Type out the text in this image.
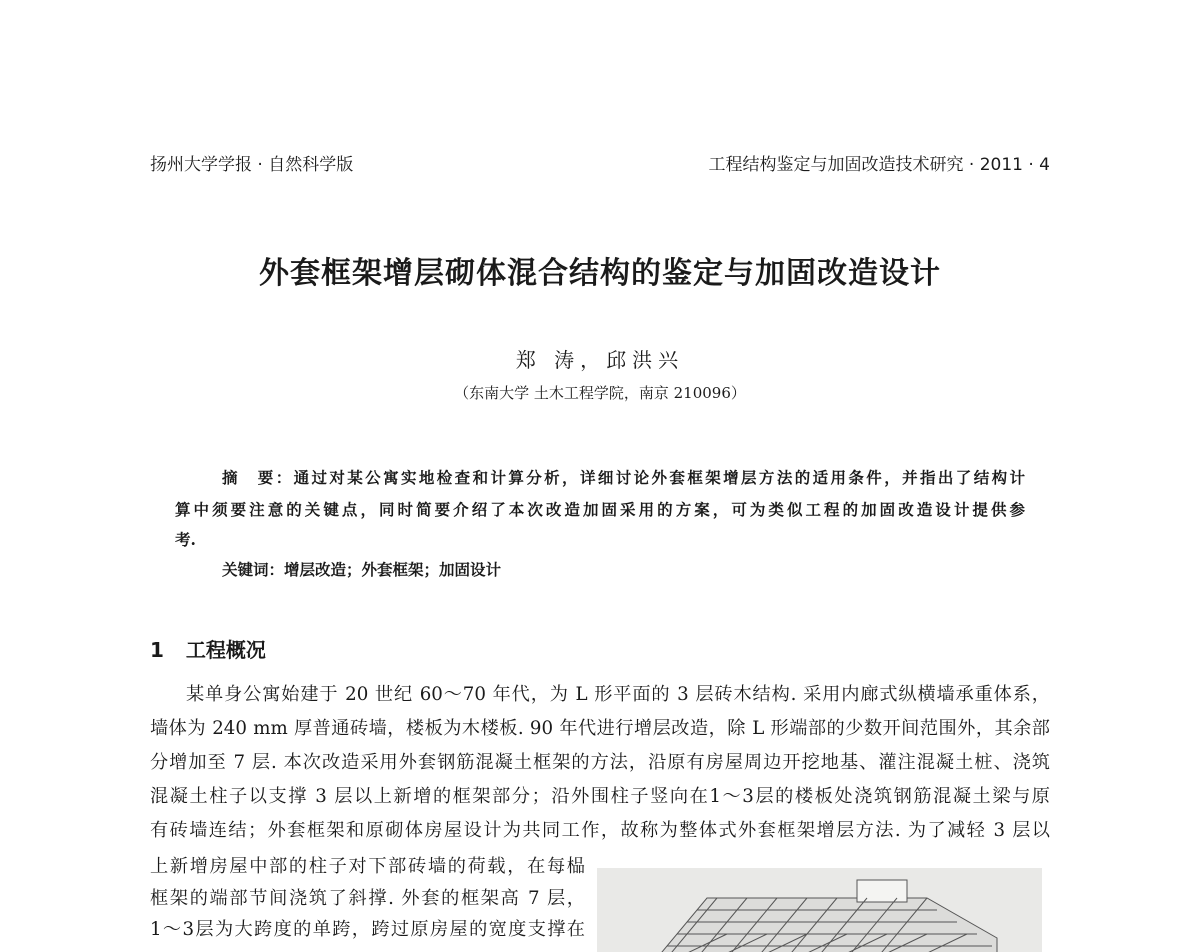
扬州大学学报 · 自然科学版	工程结构鉴定与加固改造技术研究 · 2011 · 4
外套框架增层砌体混合结构的鉴定与加固改造设计
郑 涛，邱洪兴
（东南大学 土木工程学院，南京 210096）
摘　要：通过对某公寓实地检查和计算分析，详细讨论外套框架增层方法的适用条件，并指出了结构计
算中须要注意的关键点，同时简要介绍了本次改造加固采用的方案，可为类似工程的加固改造设计提供参
考.
关键词：增层改造；外套框架；加固设计
1 工程概况
某单身公寓始建于 20 世纪 60～70 年代，为 L 形平面的 3 层砖木结构. 采用内廊式纵横墙承重体系，
墙体为 240 mm 厚普通砖墙，楼板为木楼板. 90 年代进行增层改造，除 L 形端部的少数开间范围外，其余部
分增加至 7 层. 本次改造采用外套钢筋混凝土框架的方法，沿原有房屋周边开挖地基、灌注混凝土桩、浇筑
混凝土柱子以支撑 3 层以上新增的框架部分；沿外围柱子竖向在1～3层的楼板处浇筑钢筋混凝土梁与原
有砖墙连结；外套框架和原砌体房屋设计为共同工作，故称为整体式外套框架增层方法. 为了减轻 3 层以
上新增房屋中部的柱子对下部砖墙的荷载，在每榀
框架的端部节间浇筑了斜撑. 外套的框架高 7 层，
1～3层为大跨度的单跨，跨过原房屋的宽度支撑在
